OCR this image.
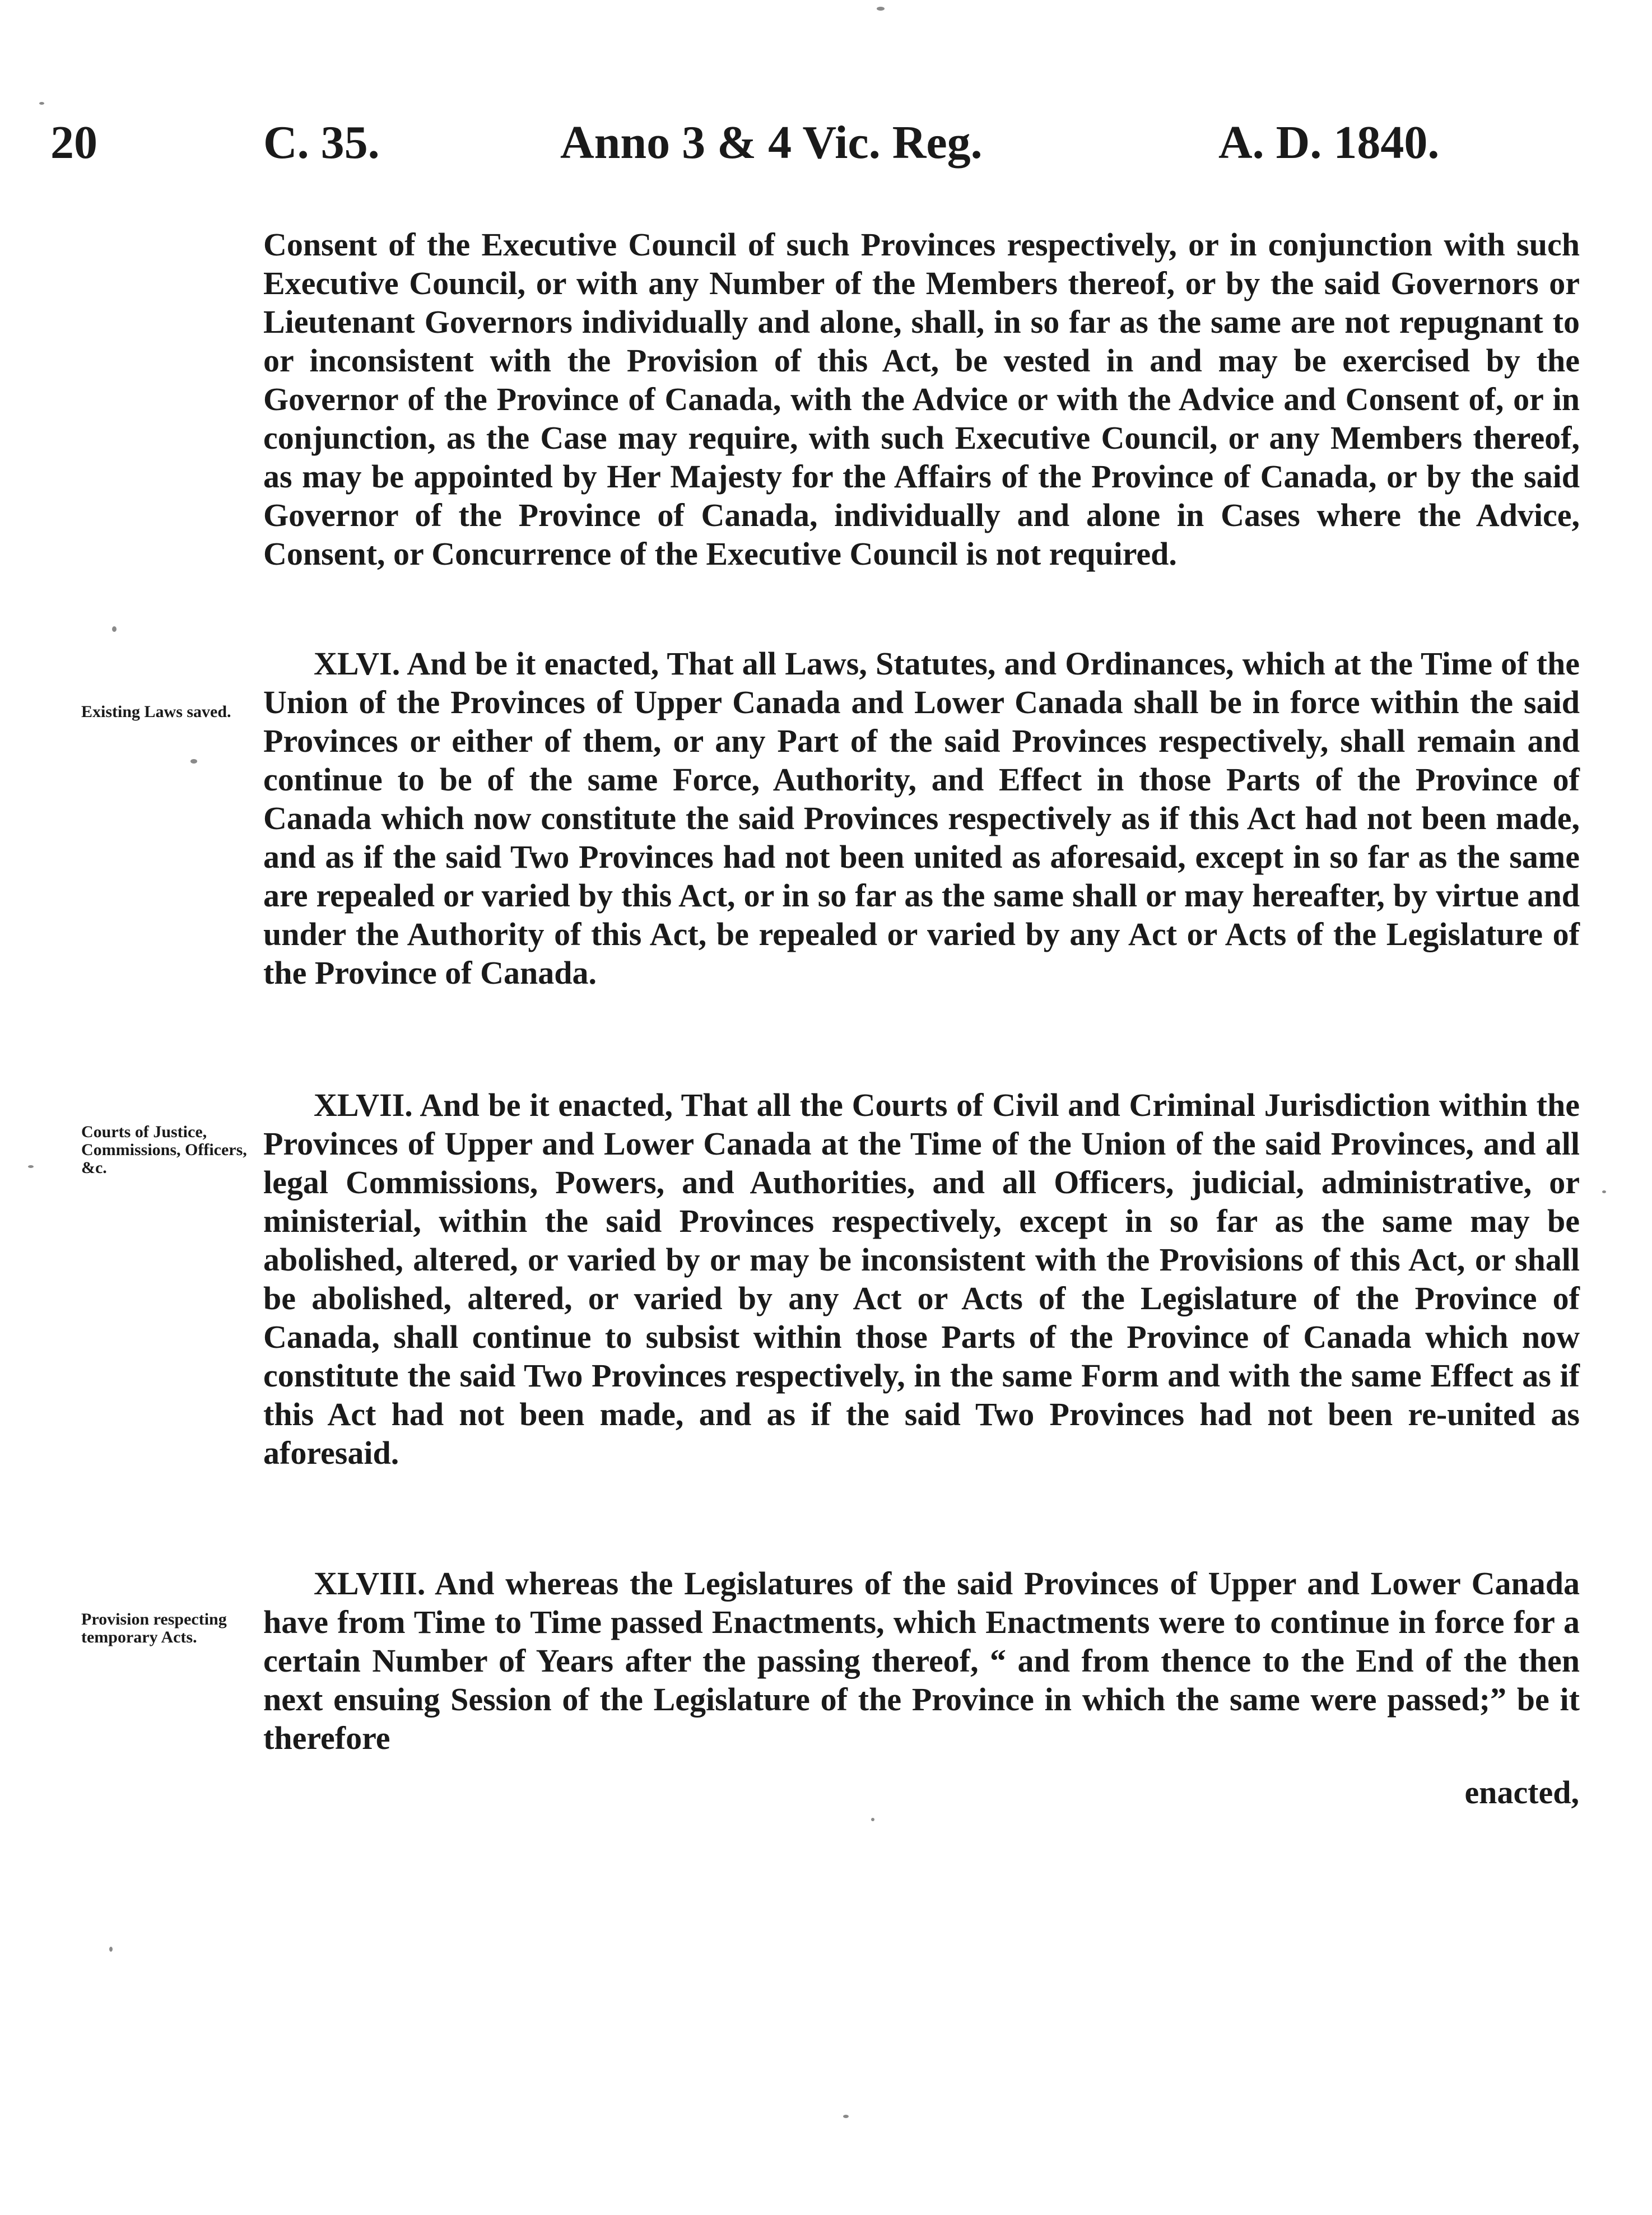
20	C. 35.	Anno 3 & 4 Vic. Reg.	A. D. 1840.

Consent of the Executive Council of such Provinces respectively, or in conjunction with such Executive Council, or with any Number of the Members thereof, or by the said Governors or Lieutenant Governors individually and alone, shall, in so far as the same are not repugnant to or inconsistent with the Provision of this Act, be vested in and may be exercised by the Governor of the Province of Canada, with the Advice or with the Advice and Consent of, or in conjunction, as the Case may require, with such Executive Council, or any Members thereof, as may be appointed by Her Majesty for the Affairs of the Province of Canada, or by the said Governor of the Province of Canada, individually and alone in Cases where the Advice, Consent, or Concurrence of the Executive Council is not required.

XLVI. And be it enacted, That all Laws, Statutes, and Ordinances, which at the Time of the Union of the Provinces of Upper Canada and Lower Canada shall be in force within the said Provinces or either of them, or any Part of the said Provinces respectively, shall remain and continue to be of the same Force, Authority, and Effect in those Parts of the Province of Canada which now constitute the said Provinces respectively as if this Act had not been made, and as if the said Two Provinces had not been united as aforesaid, except in so far as the same are repealed or varied by this Act, or in so far as the same shall or may hereafter, by virtue and under the Authority of this Act, be repealed or varied by any Act or Acts of the Legislature of the Province of Canada.

Existing Laws saved.

XLVII. And be it enacted, That all the Courts of Civil and Criminal Jurisdiction within the Provinces of Upper and Lower Canada at the Time of the Union of the said Provinces, and all legal Commissions, Powers, and Authorities, and all Officers, judicial, administrative, or ministerial, within the said Provinces respectively, except in so far as the same may be abolished, altered, or varied by or may be inconsistent with the Provisions of this Act, or shall be abolished, altered, or varied by any Act or Acts of the Legislature of the Province of Canada, shall continue to subsist within those Parts of the Province of Canada which now constitute the said Two Provinces respectively, in the same Form and with the same Effect as if this Act had not been made, and as if the said Two Provinces had not been re-united as aforesaid.

Courts of Justice, Commissions, Officers, &c.

XLVIII. And whereas the Legislatures of the said Provinces of Upper and Lower Canada have from Time to Time passed Enactments, which Enactments were to continue in force for a certain Number of Years after the passing thereof, “ and from thence to the End of the then next ensuing Session of the Legislature of the Province in which the same were passed;” be it therefore

Provision respecting temporary Acts.
enacted,
